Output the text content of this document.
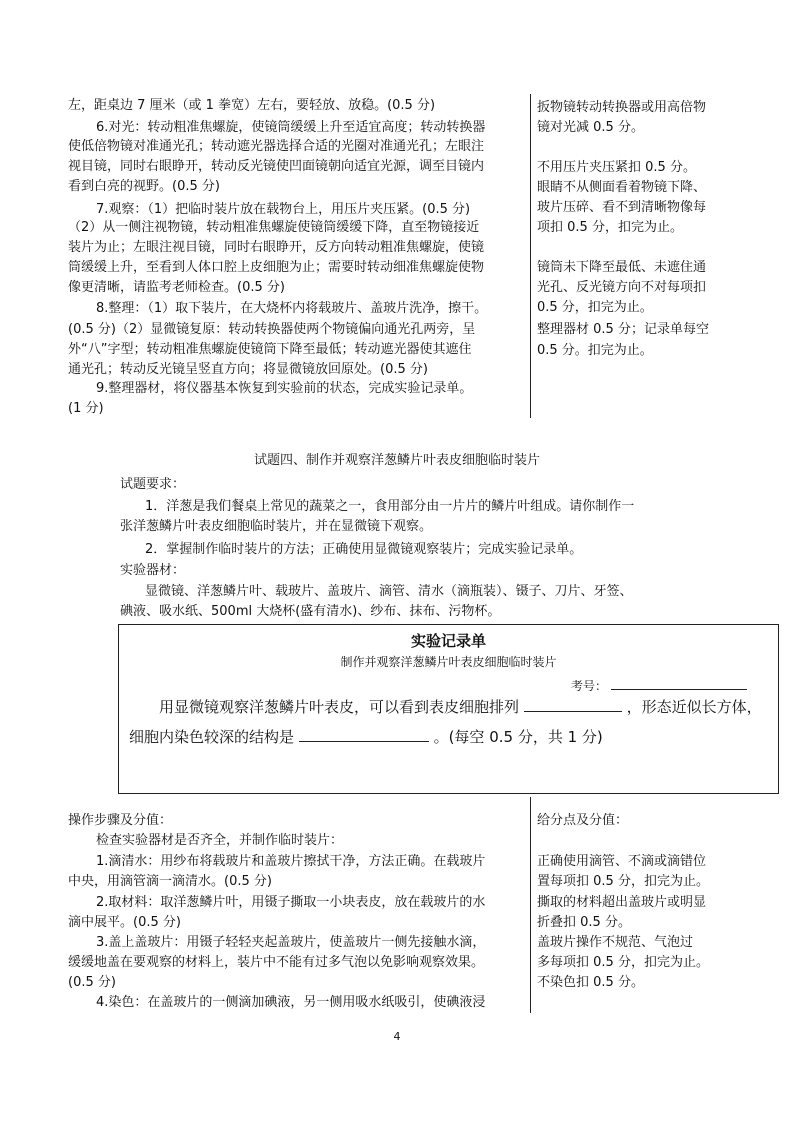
左，距桌边 7 厘米（或 1 拳宽）左右，要轻放、放稳。(0.5 分)
6.对光：转动粗准焦螺旋，使镜筒缓缓上升至适宜高度；转动转换器
使低倍物镜对准通光孔；转动遮光器选择合适的光圈对准通光孔；左眼注
视目镜，同时右眼睁开，转动反光镜使凹面镜朝向适宜光源，调至目镜内
看到白亮的视野。(0.5 分)
7.观察：（1）把临时装片放在载物台上，用压片夹压紧。(0.5 分)
（2）从一侧注视物镜，转动粗准焦螺旋使镜筒缓缓下降，直至物镜接近
装片为止；左眼注视目镜，同时右眼睁开，反方向转动粗准焦螺旋，使镜
筒缓缓上升，至看到人体口腔上皮细胞为止；需要时转动细准焦螺旋使物
像更清晰，请监考老师检查。(0.5 分)
8.整理：（1）取下装片，在大烧杯内将载玻片、盖玻片洗净，擦干。
(0.5 分)（2）显微镜复原：转动转换器使两个物镜偏向通光孔两旁，呈
外“八”字型；转动粗准焦螺旋使镜筒下降至最低；转动遮光器使其遮住
通光孔；转动反光镜呈竖直方向；将显微镜放回原处。(0.5 分)
9.整理器材，将仪器基本恢复到实验前的状态，完成实验记录单。
(1 分)
扳物镜转动转换器或用高倍物
镜对光减 0.5 分。
不用压片夹压紧扣 0.5 分。
眼睛不从侧面看着物镜下降、
玻片压碎、看不到清晰物像每
项扣 0.5 分，扣完为止。
镜筒未下降至最低、未遮住通
光孔、反光镜方向不对每项扣
0.5 分，扣完为止。
整理器材 0.5 分；记录单每空
0.5 分。扣完为止。
试题四、制作并观察洋葱鳞片叶表皮细胞临时装片
试题要求：
1．洋葱是我们餐桌上常见的蔬菜之一，食用部分由一片片的鳞片叶组成。请你制作一
张洋葱鳞片叶表皮细胞临时装片，并在显微镜下观察。
2．掌握制作临时装片的方法；正确使用显微镜观察装片；完成实验记录单。
实验器材：
显微镜、洋葱鳞片叶、载玻片、盖玻片、滴管、清水（滴瓶装）、镊子、刀片、牙签、
碘液、吸水纸、500ml 大烧杯(盛有清水)、纱布、抹布、污物杯。
实验记录单
制作并观察洋葱鳞片叶表皮细胞临时装片
考号：
用显微镜观察洋葱鳞片叶表皮，可以看到表皮细胞排列	，形态近似长方体，
细胞内染色较深的结构是	。(每空 0.5 分，共 1 分)
操作步骤及分值：
检查实验器材是否齐全，并制作临时装片：
1.滴清水：用纱布将载玻片和盖玻片擦拭干净，方法正确。在载玻片
中央，用滴管滴一滴清水。(0.5 分)
2.取材料：取洋葱鳞片叶，用镊子撕取一小块表皮，放在载玻片的水
滴中展平。(0.5 分)
3.盖上盖玻片：用镊子轻轻夹起盖玻片，使盖玻片一侧先接触水滴，
缓缓地盖在要观察的材料上，装片中不能有过多气泡以免影响观察效果。
(0.5 分)
4.染色：在盖玻片的一侧滴加碘液，另一侧用吸水纸吸引，使碘液浸
给分点及分值：
正确使用滴管、不滴或滴错位
置每项扣 0.5 分，扣完为止。
撕取的材料超出盖玻片或明显
折叠扣 0.5 分。
盖玻片操作不规范、气泡过
多每项扣 0.5 分，扣完为止。
不染色扣 0.5 分。
4
